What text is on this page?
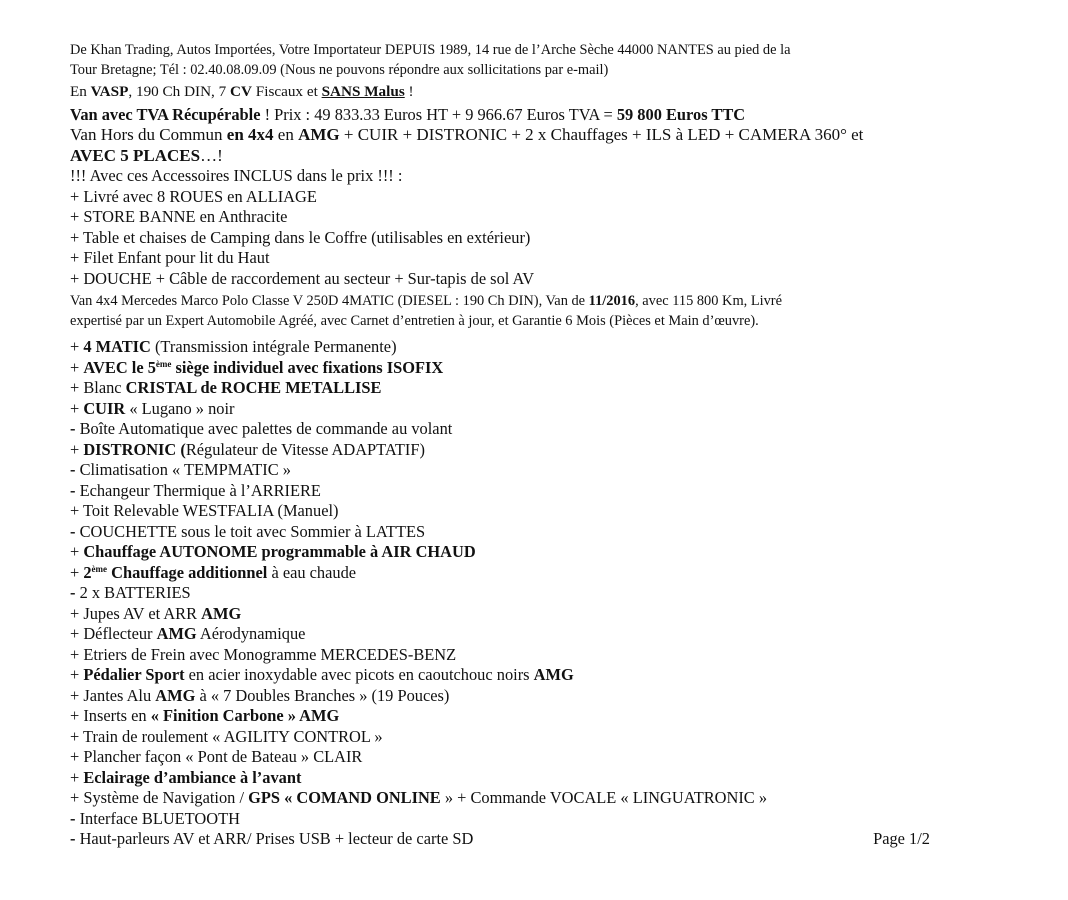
De Khan Trading, Autos Importées, Votre Importateur DEPUIS 1989, 14 rue de l’Arche Sèche 44000 NANTES au pied de la

Tour Bretagne; Tél : 02.40.08.09.09 (Nous ne pouvons répondre aux sollicitations par e-mail)

En VASP, 190 Ch DIN, 7 CV Fiscaux et SANS Malus !

Van avec TVA Récupérable ! Prix : 49 833.33 Euros HT + 9 966.67 Euros TVA = 59 800 Euros TTC

Van Hors du Commun en 4x4 en AMG + CUIR + DISTRONIC + 2 x Chauffages + ILS à LED + CAMERA 360° et

AVEC 5 PLACES…!

!!! Avec ces Accessoires INCLUS dans le prix !!! :

+ Livré avec 8 ROUES en ALLIAGE

+ STORE BANNE en Anthracite

+ Table et chaises de Camping dans le Coffre (utilisables en extérieur)

+ Filet Enfant pour lit du Haut

+ DOUCHE + Câble de raccordement au secteur + Sur-tapis de sol AV

Van 4x4 Mercedes Marco Polo Classe V 250D 4MATIC (DIESEL : 190 Ch DIN), Van de 11/2016, avec 115 800 Km, Livré

expertisé par un Expert Automobile Agréé, avec Carnet d’entretien à jour, et Garantie 6 Mois (Pièces et Main d’œuvre).

+ 4 MATIC (Transmission intégrale Permanente)

+ AVEC le 5ème siège individuel avec fixations ISOFIX

+ Blanc CRISTAL de ROCHE METALLISE

+ CUIR « Lugano » noir

- Boîte Automatique avec palettes de commande au volant

+ DISTRONIC (Régulateur de Vitesse ADAPTATIF)

- Climatisation « TEMPMATIC »

- Echangeur Thermique à l’ARRIERE

+ Toit Relevable WESTFALIA (Manuel)

- COUCHETTE sous le toit avec Sommier à LATTES

+ Chauffage AUTONOME programmable à AIR CHAUD

+ 2ème Chauffage additionnel à eau chaude

- 2 x BATTERIES

+ Jupes AV et ARR AMG

+ Déflecteur AMG Aérodynamique

+ Etriers de Frein avec Monogramme MERCEDES-BENZ

+ Pédalier Sport en acier inoxydable avec picots en caoutchouc noirs AMG

+ Jantes Alu AMG à « 7 Doubles Branches » (19 Pouces)

+ Inserts en « Finition Carbone » AMG

+ Train de roulement « AGILITY CONTROL »

+ Plancher façon « Pont de Bateau » CLAIR

+ Eclairage d’ambiance à l’avant

+ Système de Navigation / GPS « COMAND ONLINE » + Commande VOCALE « LINGUATRONIC »

- Interface BLUETOOTH

- Haut-parleurs AV et ARR/ Prises USB + lecteur de carte SD	Page 1/2
